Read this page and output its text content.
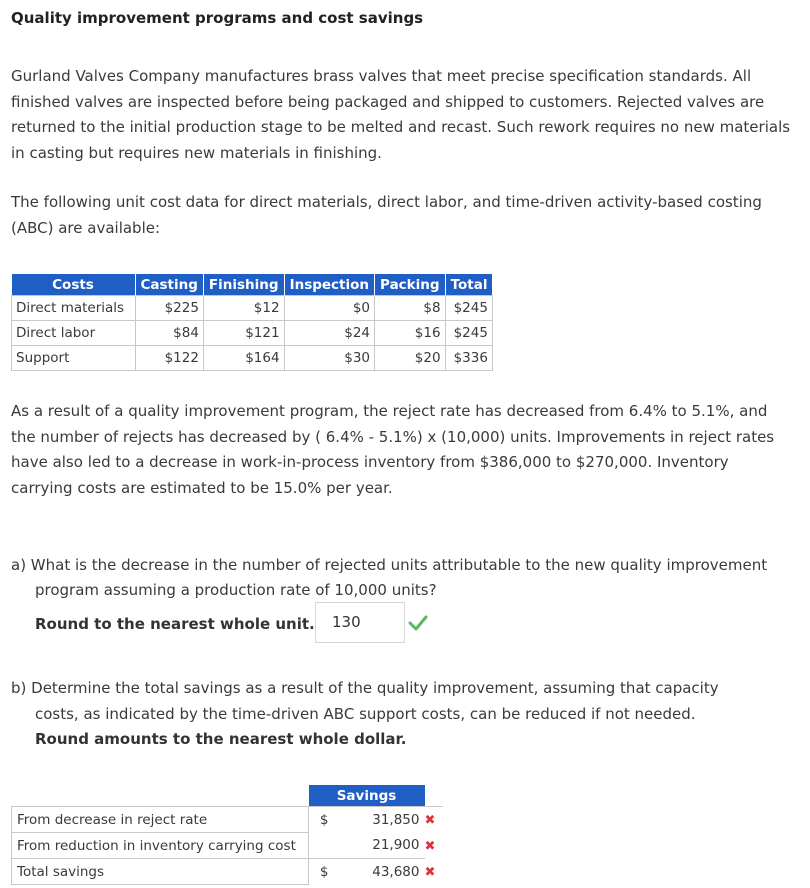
Quality improvement programs and cost savings
Gurland Valves Company manufactures brass valves that meet precise specification standards. All finished valves are inspected before being packaged and shipped to customers. Rejected valves are returned to the initial production stage to be melted and recast. Such rework requires no new materials in casting but requires new materials in finishing.
The following unit cost data for direct materials, direct labor, and time-driven activity-based costing (ABC) are available:
Costs	Casting	Finishing	Inspection	Packing	Total
Direct materials	$225	$12	$0	$8	$245
Direct labor	$84	$121	$24	$16	$245
Support	$122	$164	$30	$20	$336
As a result of a quality improvement program, the reject rate has decreased from 6.4% to 5.1%, and the number of rejects has decreased by ( 6.4% - 5.1%) x (10,000) units. Improvements in reject rates have also led to a decrease in work-in-process inventory from $386,000 to $270,000. Inventory carrying costs are estimated to be 15.0% per year.
a) What is the decrease in the number of rejected units attributable to the new quality improvement
program assuming a production rate of 10,000 units?
Round to the nearest whole unit.	130
b) Determine the total savings as a result of the quality improvement, assuming that capacity
costs, as indicated by the time-driven ABC support costs, can be reduced if not needed.
Round amounts to the nearest whole dollar.
	Savings		
From decrease in reject rate	$	31,850	✖
From reduction in inventory carrying cost		21,900	✖
Total savings	$	43,680	✖
